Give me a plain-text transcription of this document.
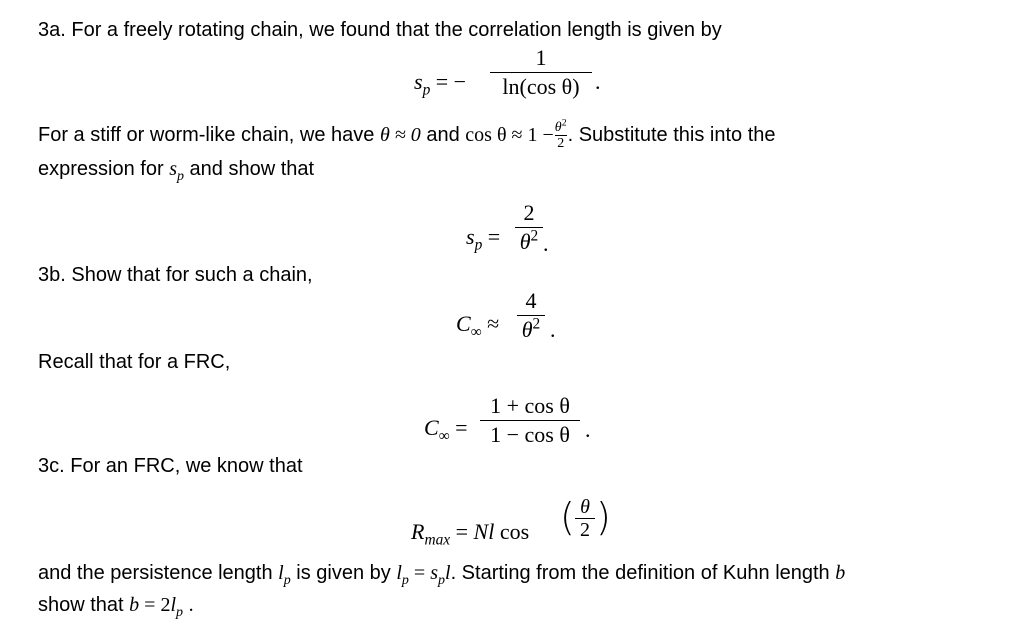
3a. For a freely rotating chain, we found that the correlation length is given by
$s_p$ = −
1
ln(cos θ) .
For a stiff or worm-like chain, we have θ ≈ 0 and $\cos \theta \approx 1 -\theta^2$
2 . Substitute this into the
expression for $s_p$ and show that
$s_p$ =
2
$\theta^2$ .
3b. Show that for such a chain,
$C_\infty$ ≈
4
$\theta^2$ .
Recall that for a FRC,
$C_\infty$ =
1 + cos θ
1 − cos θ .
3c. For an FRC, we know that
$R_{max} = Nl$ cos ( θ
2 )
and the persistence length $l_p$ is given by $l_p = s_pl$. Starting from the definition of Kuhn length b
show that $b = 2l_p$ .
